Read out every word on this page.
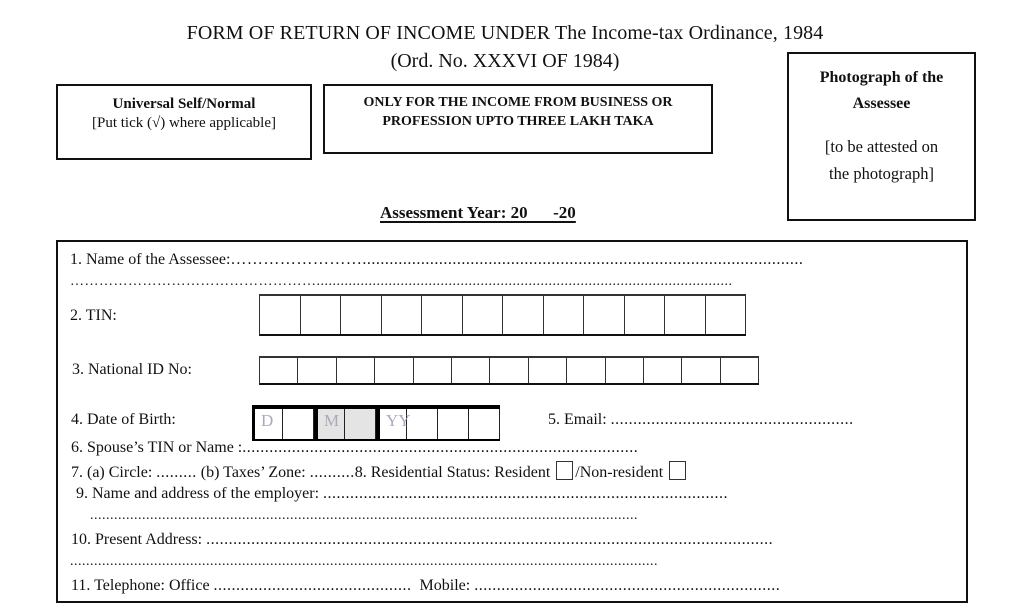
FORM OF RETURN OF INCOME UNDER The Income-tax Ordinance, 1984
(Ord. No. XXXVI OF 1984)
Universal Self/Normal
[Put tick (√) where applicable]
ONLY FOR THE INCOME FROM BUSINESS OR
PROFESSION UPTO THREE LAKH TAKA
Photograph of the
Assessee
[to be attested on
the photograph]
Assessment Year: 20      -20
1. Name of the Assessee:……………………..................................................................................................
……………………………………………........................................................................................................
2. TIN:
3. National ID No:
4. Date of Birth:	D	M	YY	5. Email: ......................................................
6. Spouse’s TIN or Name :........................................................................................
7. (a) Circle: ......... (b) Taxes’ Zone: ..........8. Residential Status: Resident /Non-resident
9. Name and address of the employer: ..........................................................................................
.........................................................................................................................................
10. Present Address: ..............................................................................................................................
...................................................................................................................................................
11. Telephone: Office ............................................ Mobile: ....................................................................
